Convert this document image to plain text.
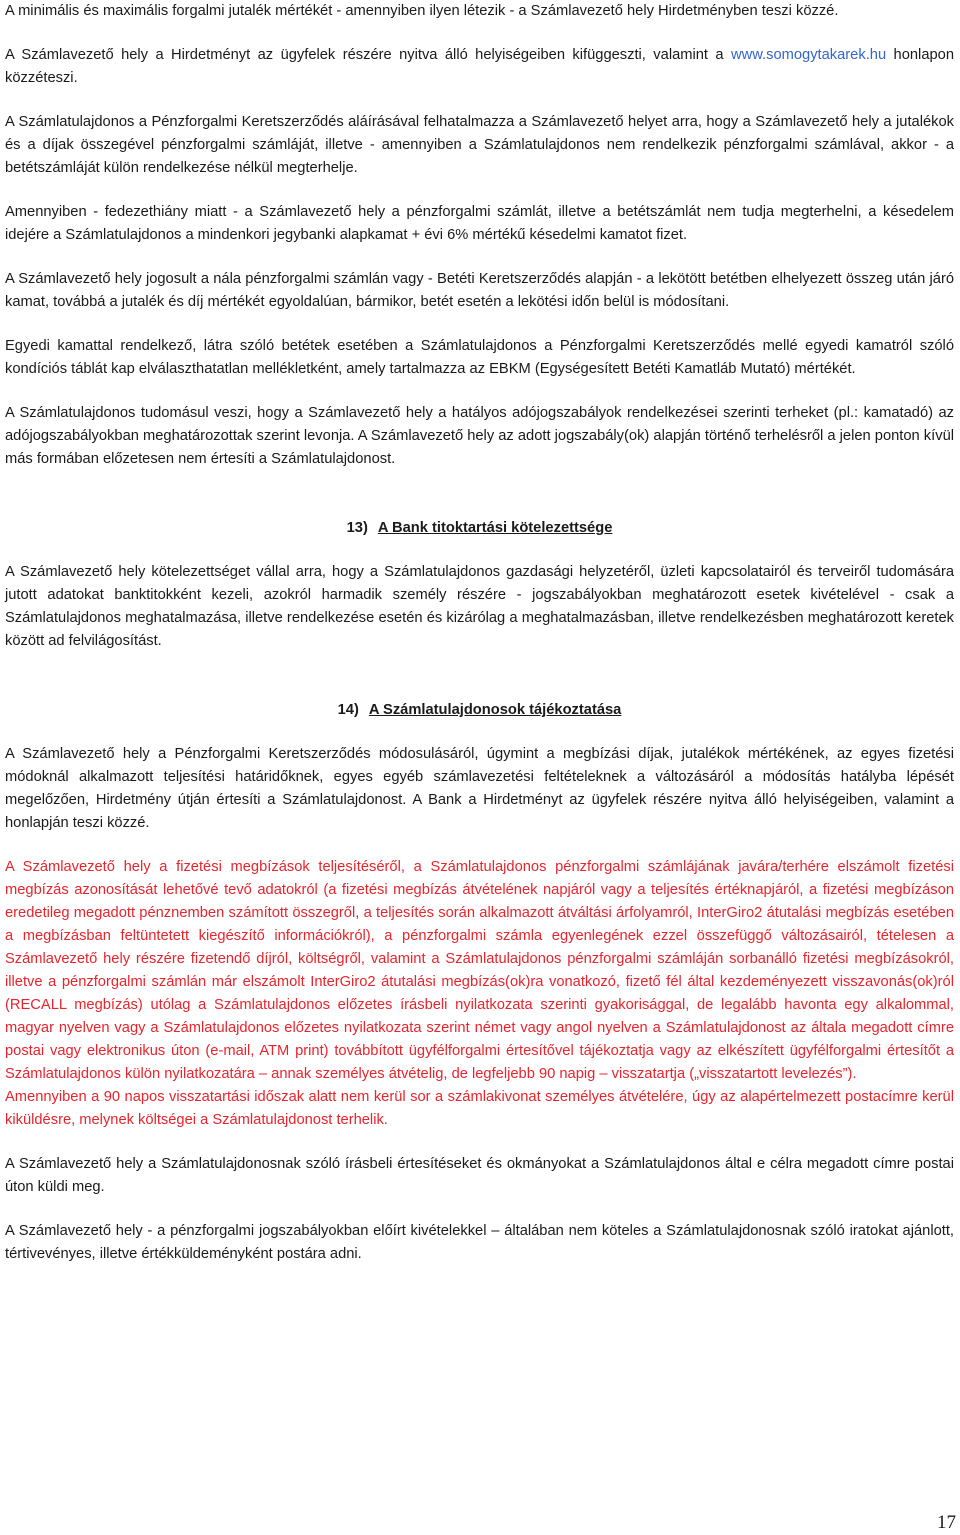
A minimális és maximális forgalmi jutalék mértékét - amennyiben ilyen létezik - a Számlavezető hely Hirdetményben teszi közzé.

A Számlavezető hely a Hirdetményt az ügyfelek részére nyitva álló helyiségeiben kifüggeszti, valamint a www.somogytakarek.hu honlapon közzéteszi.

A Számlatulajdonos a Pénzforgalmi Keretszerződés aláírásával felhatalmazza a Számlavezető helyet arra, hogy a Számlavezető hely a jutalékok és a díjak összegével pénzforgalmi számláját, illetve - amennyiben a Számlatulajdonos nem rendelkezik pénzforgalmi számlával, akkor - a betétszámláját külön rendelkezése nélkül megterhelje.

Amennyiben - fedezethiány miatt - a Számlavezető hely a pénzforgalmi számlát, illetve a betétszámlát nem tudja megterhelni, a késedelem idejére a Számlatulajdonos a mindenkori jegybanki alapkamat + évi 6% mértékű késedelmi kamatot fizet.

A Számlavezető hely jogosult a nála pénzforgalmi számlán vagy - Betéti Keretszerződés alapján - a lekötött betétben elhelyezett összeg után járó kamat, továbbá a jutalék és díj mértékét egyoldalúan, bármikor, betét esetén a lekötési időn belül is módosítani.

Egyedi kamattal rendelkező, látra szóló betétek esetében a Számlatulajdonos a Pénzforgalmi Keretszerződés mellé egyedi kamatról szóló kondíciós táblát kap elválaszthatatlan mellékletként, amely tartalmazza az EBKM (Egységesített Betéti Kamatláb Mutató) mértékét.

A Számlatulajdonos tudomásul veszi, hogy a Számlavezető hely a hatályos adójogszabályok rendelkezései szerinti terheket (pl.: kamatadó) az adójogszabályokban meghatározottak szerint levonja. A Számlavezető hely az adott jogszabály(ok) alapján történő terhelésről a jelen ponton kívül más formában előzetesen nem értesíti a Számlatulajdonost.

13) A Bank titoktartási kötelezettsége

A Számlavezető hely kötelezettséget vállal arra, hogy a Számlatulajdonos gazdasági helyzetéről, üzleti kapcsolatairól és terveiről tudomására jutott adatokat banktitokként kezeli, azokról harmadik személy részére - jogszabályokban meghatározott esetek kivételével - csak a Számlatulajdonos meghatalmazása, illetve rendelkezése esetén és kizárólag a meghatalmazásban, illetve rendelkezésben meghatározott keretek között ad felvilágosítást.

14) A Számlatulajdonosok tájékoztatása

A Számlavezető hely a Pénzforgalmi Keretszerződés módosulásáról, úgymint a megbízási díjak, jutalékok mértékének, az egyes fizetési módoknál alkalmazott teljesítési határidőknek, egyes egyéb számlavezetési feltételeknek a változásáról a módosítás hatályba lépését megelőzően, Hirdetmény útján értesíti a Számlatulajdonost. A Bank a Hirdetményt az ügyfelek részére nyitva álló helyiségeiben, valamint a honlapján teszi közzé.

A Számlavezető hely a fizetési megbízások teljesítéséről, a Számlatulajdonos pénzforgalmi számlájának javára/terhére elszámolt fizetési megbízás azonosítását lehetővé tevő adatokról (a fizetési megbízás átvételének napjáról vagy a teljesítés értéknapjáról, a fizetési megbízáson eredetileg megadott pénznemben számított összegről, a teljesítés során alkalmazott átváltási árfolyamról, InterGiro2 átutalási megbízás esetében a megbízásban feltüntetett kiegészítő információkról), a pénzforgalmi számla egyenlegének ezzel összefüggő változásairól, tételesen a Számlavezető hely részére fizetendő díjról, költségről, valamint a Számlatulajdonos pénzforgalmi számláján sorbanálló fizetési megbízásokról, illetve a pénzforgalmi számlán már elszámolt InterGiro2 átutalási megbízás(ok)ra vonatkozó, fizető fél által kezdeményezett visszavonás(ok)ról (RECALL megbízás) utólag a Számlatulajdonos előzetes írásbeli nyilatkozata szerinti gyakorisággal, de legalább havonta egy alkalommal, magyar nyelven vagy a Számlatulajdonos előzetes nyilatkozata szerint német vagy angol nyelven a Számlatulajdonost az általa megadott címre postai vagy elektronikus úton (e-mail, ATM print) továbbított ügyfélforgalmi értesítővel tájékoztatja vagy az elkészített ügyfélforgalmi értesítőt a Számlatulajdonos külön nyilatkozatára – annak személyes átvételig, de legfeljebb 90 napig – visszatartja („visszatartott levelezés”).

Amennyiben a 90 napos visszatartási időszak alatt nem kerül sor a számlakivonat személyes átvételére, úgy az alapértelmezett postacímre kerül kiküldésre, melynek költségei a Számlatulajdonost terhelik.

A Számlavezető hely a Számlatulajdonosnak szóló írásbeli értesítéseket és okmányokat a Számlatulajdonos által e célra megadott címre postai úton küldi meg.

A Számlavezető hely - a pénzforgalmi jogszabályokban előírt kivételekkel – általában nem köteles a Számlatulajdonosnak szóló iratokat ajánlott, tértivevényes, illetve értékküldeményként postára adni.

17
